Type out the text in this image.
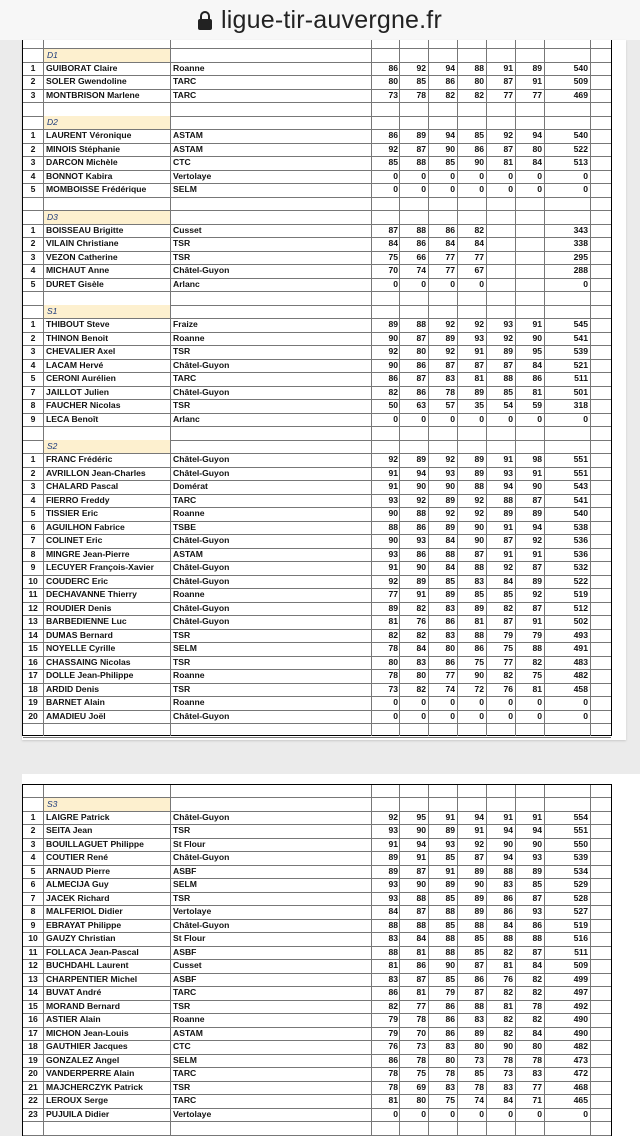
ligue-tir-auvergne.fr
D1
1	GUIBORAT Claire	Roanne	86	92	94	88	91	89	540
2	SOLER Gwendoline	TARC	80	85	86	80	87	91	509
3	MONTBRISON Marlene	TARC	73	78	82	82	77	77	469
D2
1	LAURENT Véronique	ASTAM	86	89	94	85	92	94	540
2	MINOIS Stéphanie	ASTAM	92	87	90	86	87	80	522
3	DARCON Michèle	CTC	85	88	85	90	81	84	513
4	BONNOT Kabira	Vertolaye	0	0	0	0	0	0	0
5	MOMBOISSE Frédérique	SELM	0	0	0	0	0	0	0
D3
1	BOISSEAU Brigitte	Cusset	87	88	86	82	343
2	VILAIN Christiane	TSR	84	86	84	84	338
3	VEZON Catherine	TSR	75	66	77	77	295
4	MICHAUT Anne	Châtel-Guyon	70	74	77	67	288
5	DURET Gisèle	Arlanc	0	0	0	0	0
S1
1	THIBOUT Steve	Fraize	89	88	92	92	93	91	545
2	THINON Benoit	Roanne	90	87	89	93	92	90	541
3	CHEVALIER Axel	TSR	92	80	92	91	89	95	539
4	LACAM Hervé	Châtel-Guyon	90	86	87	87	87	84	521
5	CERONI Aurélien	TARC	86	87	83	81	88	86	511
7	JAILLOT Julien	Châtel-Guyon	82	86	78	89	85	81	501
8	FAUCHER Nicolas	TSR	50	63	57	35	54	59	318
9	LECA Benoît	Arlanc	0	0	0	0	0	0	0
S2
1	FRANC Frédéric	Châtel-Guyon	92	89	92	89	91	98	551
2	AVRILLON Jean-Charles	Châtel-Guyon	91	94	93	89	93	91	551
3	CHALARD Pascal	Domérat	91	90	90	88	94	90	543
4	FIERRO Freddy	TARC	93	92	89	92	88	87	541
5	TISSIER Eric	Roanne	90	88	92	92	89	89	540
6	AGUILHON Fabrice	TSBE	88	86	89	90	91	94	538
7	COLINET Eric	Châtel-Guyon	90	93	84	90	87	92	536
8	MINGRE Jean-Pierre	ASTAM	93	86	88	87	91	91	536
9	LECUYER François-Xavier	Châtel-Guyon	91	90	84	88	92	87	532
10 COUDERC Eric	Châtel-Guyon	92	89	85	83	84	89	522
11 DECHAVANNE Thierry	Roanne	77	91	89	85	85	92	519
12 ROUDIER Denis	Châtel-Guyon	89	82	83	89	82	87	512
13 BARBEDIENNE Luc	Châtel-Guyon	81	76	86	81	87	91	502
14 DUMAS Bernard	TSR	82	82	83	88	79	79	493
15 NOYELLE Cyrille	SELM	78	84	80	86	75	88	491
16 CHASSAING Nicolas	TSR	80	83	86	75	77	82	483
17 DOLLE Jean-Philippe	Roanne	78	80	77	90	82	75	482
18 ARDID Denis	TSR	73	82	74	72	76	81	458
19 BARNET Alain	Roanne	0	0	0	0	0	0	0
20 AMADIEU Joël	Châtel-Guyon	0	0	0	0	0	0	0
S3
1	LAIGRE Patrick	Châtel-Guyon	92	95	91	94	91	91	554
2	SEITA Jean	TSR	93	90	89	91	94	94	551
3	BOUILLAGUET Philippe	St Flour	91	94	93	92	90	90	550
4	COUTIER René	Châtel-Guyon	89	91	85	87	94	93	539
5	ARNAUD Pierre	ASBF	89	87	91	89	88	89	534
6	ALMECIJA Guy	SELM	93	90	89	90	83	85	529
7	JACEK Richard	TSR	93	88	85	89	86	87	528
8	MALFERIOL Didier	Vertolaye	84	87	88	89	86	93	527
9	EBRAYAT Philippe	Châtel-Guyon	88	88	85	88	84	86	519
10 GAUZY Christian	St Flour	83	84	88	85	88	88	516
11 FOLLACA Jean-Pascal	ASBF	88	81	88	85	82	87	511
12 BUCHDAHL Laurent	Cusset	81	86	90	87	81	84	509
13 CHARPENTIER Michel	ASBF	83	87	85	86	76	82	499
14 BUVAT André	TARC	86	81	79	87	82	82	497
15 MORAND Bernard	TSR	82	77	86	88	81	78	492
16 ASTIER Alain	Roanne	79	78	86	83	82	82	490
17 MICHON Jean-Louis	ASTAM	79	70	86	89	82	84	490
18 GAUTHIER Jacques	CTC	76	73	83	80	90	80	482
19 GONZALEZ Angel	SELM	86	78	80	73	78	78	473
20 VANDERPERRE Alain	TARC	78	75	78	85	73	83	472
21 MAJCHERCZYK Patrick	TSR	78	69	83	78	83	77	468
22 LEROUX Serge	TARC	81	80	75	74	84	71	465
23 PUJUILA Didier	Vertolaye	0	0	0	0	0	0	0
